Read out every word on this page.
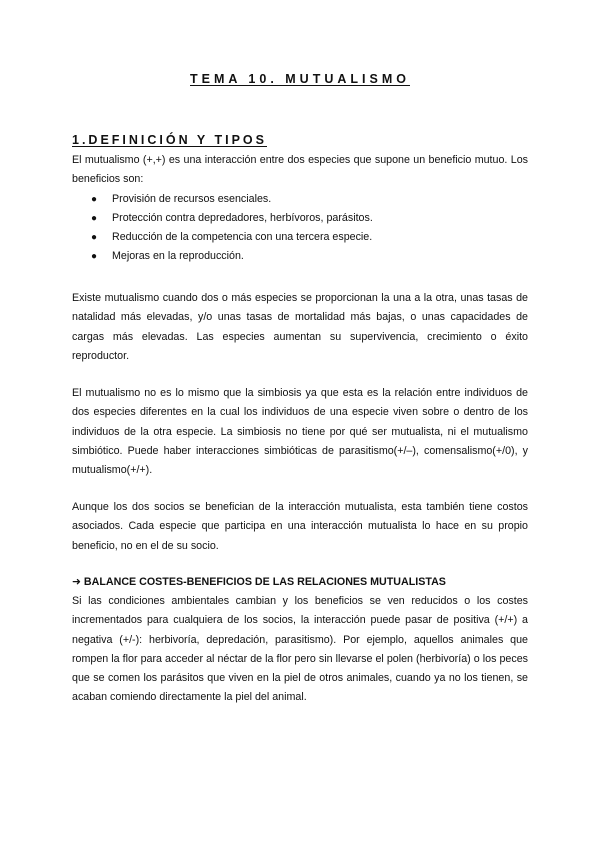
TEMA 10. MUTUALISMO
1.DEFINICIÓN Y TIPOS

El mutualismo (+,+) es una interacción entre dos especies que supone un beneficio mutuo. Los beneficios son:

● Provisión de recursos esenciales.
● Protección contra depredadores, herbívoros, parásitos.
● Reducción de la competencia con una tercera especie.
● Mejoras en la reproducción.

Existe mutualismo cuando dos o más especies se proporcionan la una a la otra, unas tasas de natalidad más elevadas, y/o unas tasas de mortalidad más bajas, o unas capacidades de cargas más elevadas. Las especies aumentan su supervivencia, crecimiento o éxito reproductor.

El mutualismo no es lo mismo que la simbiosis ya que esta es la relación entre individuos de dos especies diferentes en la cual los individuos de una especie viven sobre o dentro de los individuos de la otra especie. La simbiosis no tiene por qué ser mutualista, ni el mutualismo simbiótico. Puede haber interacciones simbióticas de parasitismo(+/–), comensalismo(+/0), y mutualismo(+/+).

Aunque los dos socios se benefician de la interacción mutualista, esta también tiene costos asociados. Cada especie que participa en una interacción mutualista lo hace en su propio beneficio, no en el de su socio.

➜ BALANCE COSTES-BENEFICIOS DE LAS RELACIONES MUTUALISTAS

Si las condiciones ambientales cambian y los beneficios se ven reducidos o los costes incrementados para cualquiera de los socios, la interacción puede pasar de positiva (+/+) a negativa (+/-): herbivoría, depredación, parasitismo). Por ejemplo, aquellos animales que rompen la flor para acceder al néctar de la flor pero sin llevarse el polen (herbivoría) o los peces que se comen los parásitos que viven en la piel de otros animales, cuando ya no los tienen, se acaban comiendo directamente la piel del animal.
